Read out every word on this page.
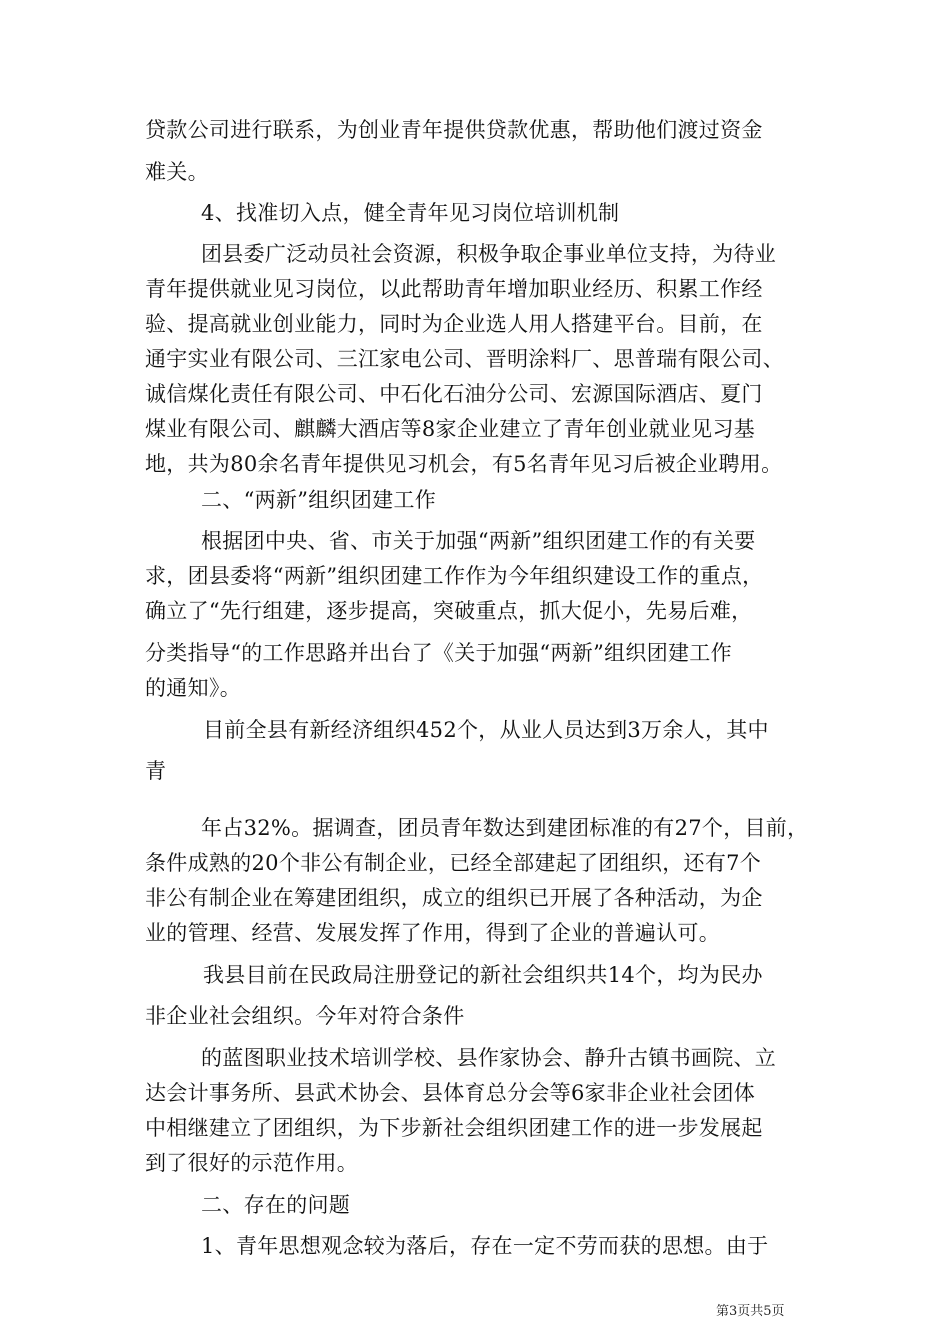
贷款公司进行联系，为创业青年提供贷款优惠，帮助他们渡过资金
难关。
4、找准切入点，健全青年见习岗位培训机制
团县委广泛动员社会资源，积极争取企事业单位支持，为待业
青年提供就业见习岗位，以此帮助青年增加职业经历、积累工作经
验、提高就业创业能力，同时为企业选人用人搭建平台。目前，在
通宇实业有限公司、三江家电公司、晋明涂料厂、思普瑞有限公司、
诚信煤化责任有限公司、中石化石油分公司、宏源国际酒店、夏门
煤业有限公司、麒麟大酒店等8家企业建立了青年创业就业见习基
地，共为80余名青年提供见习机会，有5名青年见习后被企业聘用。
二、“两新”组织团建工作
根据团中央、省、市关于加强“两新”组织团建工作的有关要
求，团县委将“两新”组织团建工作作为今年组织建设工作的重点，
确立了“先行组建，逐步提高，突破重点，抓大促小，先易后难，
分类指导“的工作思路并出台了《关于加强“两新”组织团建工作
的通知》。
目前全县有新经济组织452个，从业人员达到3万余人，其中
青
年占32%。据调查，团员青年数达到建团标准的有27个，目前，
条件成熟的20个非公有制企业，已经全部建起了团组织，还有7个
非公有制企业在筹建团组织，成立的组织已开展了各种活动，为企
业的管理、经营、发展发挥了作用，得到了企业的普遍认可。
我县目前在民政局注册登记的新社会组织共14个，均为民办
非企业社会组织。今年对符合条件
的蓝图职业技术培训学校、县作家协会、静升古镇书画院、立
达会计事务所、县武术协会、县体育总分会等6家非企业社会团体
中相继建立了团组织，为下步新社会组织团建工作的进一步发展起
到了很好的示范作用。
二、存在的问题
1、青年思想观念较为落后，存在一定不劳而获的思想。由于
第3页共5页
